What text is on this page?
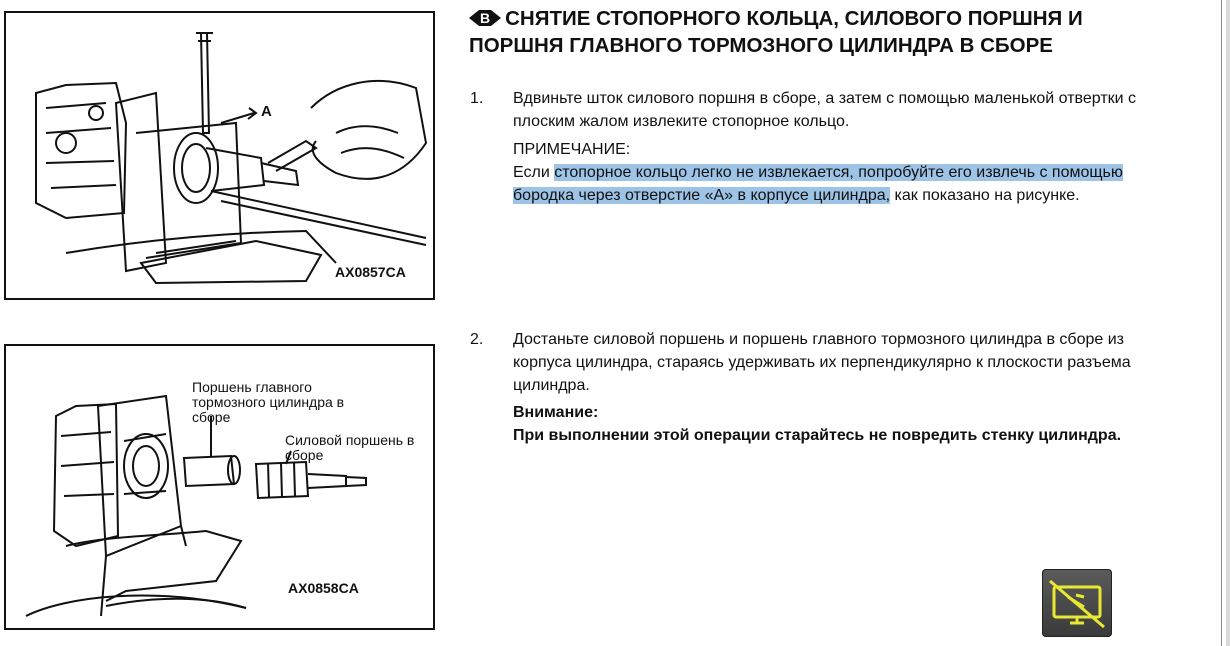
A
AX0857CA
Поршень главного тормозного цилиндра в сборе
Силовой поршень в сборе
AX0858CA
B СНЯТИЕ СТОПОРНОГО КОЛЬЦА, СИЛОВОГО ПОРШНЯ И ПОРШНЯ ГЛАВНОГО ТОРМОЗНОГО ЦИЛИНДРА В СБОРЕ
1. Вдвиньте шток силового поршня в сборе, а затем с помощью маленькой отвертки с плоским жалом извлеките стопорное кольцо.
ПРИМЕЧАНИЕ:
Если стопорное кольцо легко не извлекается, попробуйте его извлечь с помощью бородка через отверстие «А» в корпусе цилиндра, как показано на рисунке.
2. Достаньте силовой поршень и поршень главного тормозного цилиндра в сборе из корпуса цилиндра, стараясь удерживать их перпендикулярно к плоскости разъема цилиндра.
Внимание:
При выполнении этой операции старайтесь не повредить стенку цилиндра.
